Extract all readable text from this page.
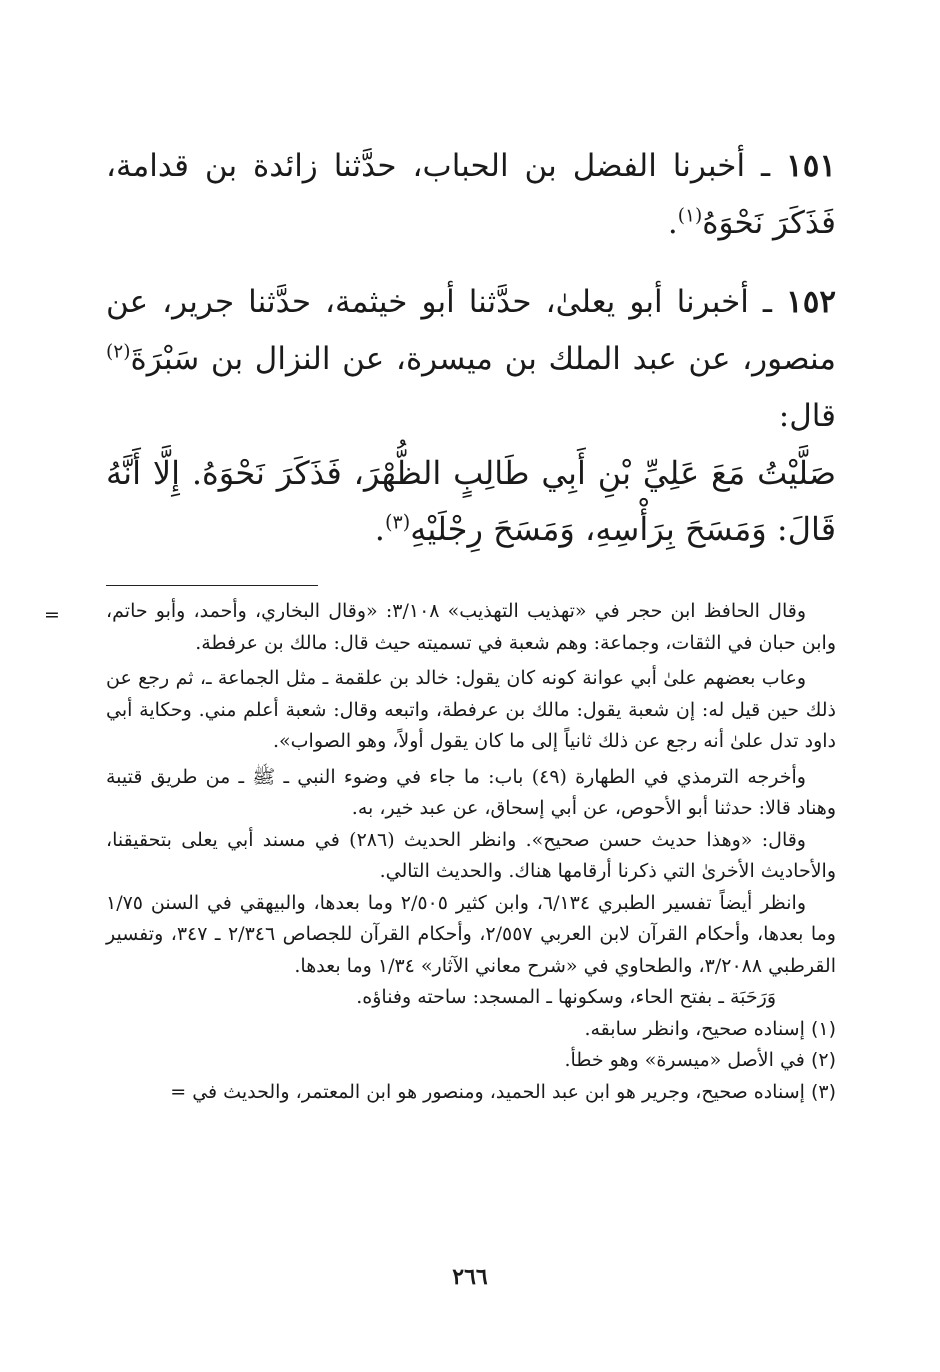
١٥١ ـ أخبرنا الفضل بن الحباب، حدَّثنا زائدة بن قدامة، فَذَكَرَ نَحْوَهُ$^{(١)}$.

١٥٢ ـ أخبرنا أبو يعلىٰ، حدَّثنا أبو خيثمة، حدَّثنا جرير، عن منصور، عن عبد الملك بن ميسرة، عن النزال بن سَبْرَةَ$^{(٢)}$ قال:

صَلَّيْتُ مَعَ عَلِيِّ بْنِ أَبِي طَالِبٍ الظُّهْرَ، فَذَكَرَ نَحْوَهُ. إِلَّا أَنَّهُ قَالَ: وَمَسَحَ بِرَأْسِهِ، وَمَسَحَ رِجْلَيْهِ$^{(٣)}$.

= وقال الحافظ ابن حجر في «تهذيب التهذيب» ٣/١٠٨: «وقال البخاري، وأحمد، وأبو حاتم، وابن حبان في الثقات، وجماعة: وهم شعبة في تسميته حيث قال: مالك بن عرفطة.

وعاب بعضهم علىٰ أبي عوانة كونه كان يقول: خالد بن علقمة ـ مثل الجماعة ـ، ثم رجع عن ذلك حين قيل له: إن شعبة يقول: مالك بن عرفطة، واتبعه وقال: شعبة أعلم مني. وحكاية أبي داود تدل علىٰ أنه رجع عن ذلك ثانياً إلى ما كان يقول أولاً، وهو الصواب».

وأخرجه الترمذي في الطهارة (٤٩) باب: ما جاء في وضوء النبي ـ ﷺ ـ من طريق قتيبة وهناد قالا: حدثنا أبو الأحوص، عن أبي إسحاق، عن عبد خير، به.

وقال: «وهذا حديث حسن صحيح». وانظر الحديث (٢٨٦) في مسند أبي يعلى بتحقيقنا، والأحاديث الأخرىٰ التي ذكرنا أرقامها هناك. والحديث التالي.

وانظر أيضاً تفسير الطبري ٦/١٣٤، وابن كثير ٢/٥٠٥ وما بعدها، والبيهقي في السنن ١/٧٥ وما بعدها، وأحكام القرآن لابن العربي ٢/٥٥٧، وأحكام القرآن للجصاص ٢/٣٤٦ ـ ٣٤٧، وتفسير القرطبي ٣/٢٠٨٨، والطحاوي في «شرح معاني الآثار» ١/٣٤ وما بعدها.

وَرَحَبَة ـ بفتح الحاء، وسكونها ـ المسجد: ساحته وفناؤه.

(١) إسناده صحيح، وانظر سابقه.

(٢) في الأصل «ميسرة» وهو خطأ.

(٣) إسناده صحيح، وجرير هو ابن عبد الحميد، ومنصور هو ابن المعتمر، والحديث في =

٢٦٦
